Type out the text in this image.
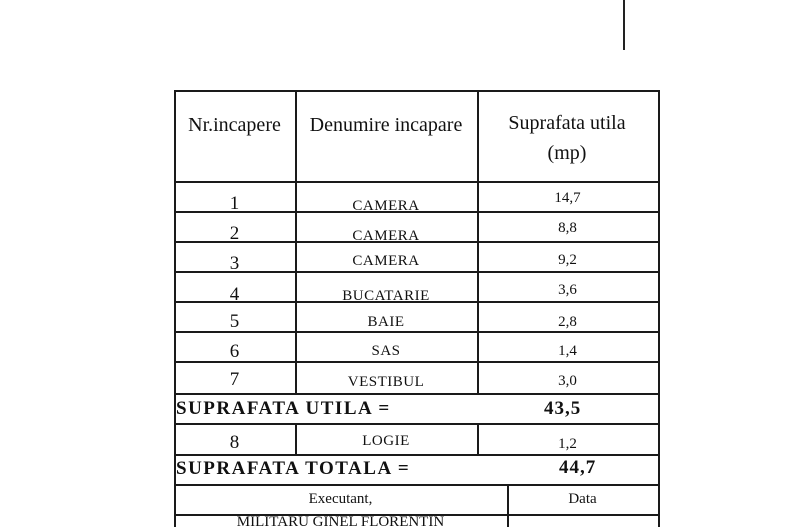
Nr.incapere	Denumire incapare	Suprafata utila (mp)
1	CAMERA	14,7
2	CAMERA	8,8
3	CAMERA	9,2
4	BUCATARIE	3,6
5	BAIE	2,8
6	SAS	1,4
7	VESTIBUL	3,0
SUPRAFATA UTILA =	43,5
8	LOGIE	1,2
SUPRAFATA TOTALA =	44,7
Executant,	Data
MILITARU GINEL FLORENTIN
